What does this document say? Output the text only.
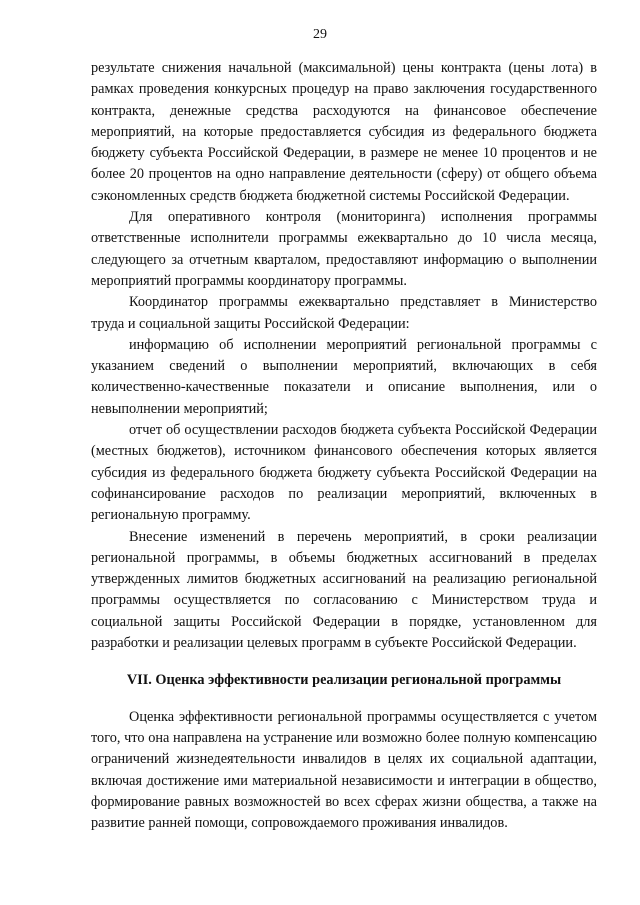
29

результате снижения начальной (максимальной) цены контракта (цены лота) в рамках проведения конкурсных процедур на право заключения государственного контракта, денежные средства расходуются на финансовое обеспечение мероприятий, на которые предоставляется субсидия из федерального бюджета бюджету субъекта Российской Федерации, в размере не менее 10 процентов и не более 20 процентов на одно направление деятельности (сферу) от общего объема сэкономленных средств бюджета бюджетной системы Российской Федерации.

Для оперативного контроля (мониторинга) исполнения программы ответственные исполнители программы ежеквартально до 10 числа месяца, следующего за отчетным кварталом, предоставляют информацию о выполнении мероприятий программы координатору программы.

Координатор программы ежеквартально представляет в Министерство труда и социальной защиты Российской Федерации:

информацию об исполнении мероприятий региональной программы с указанием сведений о выполнении мероприятий, включающих в себя количественно-качественные показатели и описание выполнения, или о невыполнении мероприятий;

отчет об осуществлении расходов бюджета субъекта Российской Федерации (местных бюджетов), источником финансового обеспечения которых является субсидия из федерального бюджета бюджету субъекта Российской Федерации на софинансирование расходов по реализации мероприятий, включенных в региональную программу.

Внесение изменений в перечень мероприятий, в сроки реализации региональной программы, в объемы бюджетных ассигнований в пределах утвержденных лимитов бюджетных ассигнований на реализацию региональной программы осуществляется по согласованию с Министерством труда и социальной защиты Российской Федерации в порядке, установленном для разработки и реализации целевых программ в субъекте Российской Федерации.

VII. Оценка эффективности реализации региональной программы

Оценка эффективности региональной программы осуществляется с учетом того, что она направлена на устранение или возможно более полную компенсацию ограничений жизнедеятельности инвалидов в целях их социальной адаптации, включая достижение ими материальной независимости и интеграции в общество, формирование равных возможностей во всех сферах жизни общества, а также на развитие ранней помощи, сопровождаемого проживания инвалидов.
